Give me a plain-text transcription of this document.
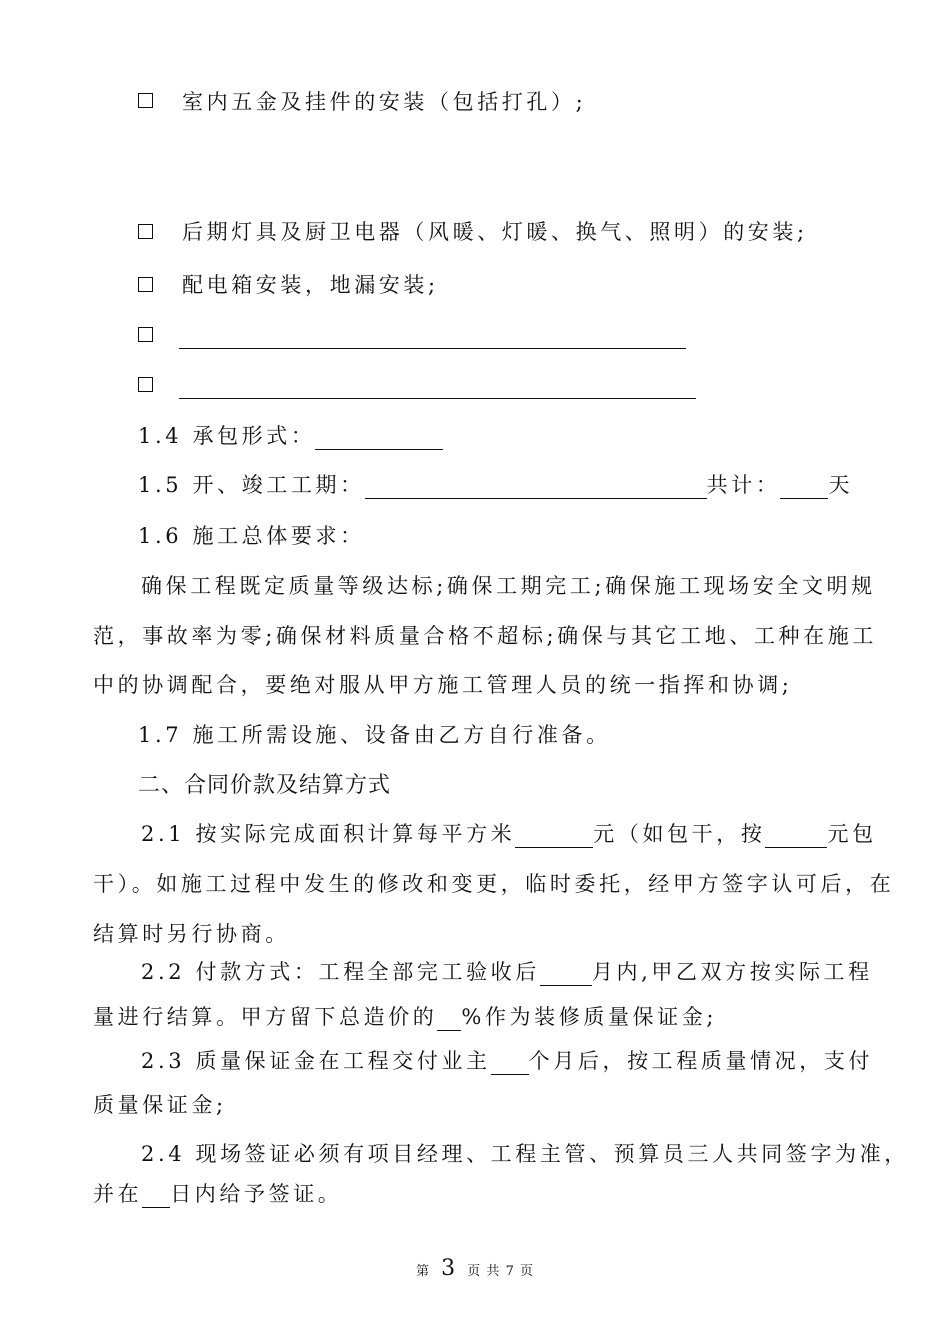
室内五金及挂件的安装（包括打孔）;
后期灯具及厨卫电器（风暖、灯暖、换气、照明）的安装;
配电箱安装，地漏安装;
1.4 承包形式：
1.5 开、竣工工期：	共计： 天
1.6 施工总体要求：
确保工程既定质量等级达标;确保工期完工;确保施工现场安全文明规
范，事故率为零;确保材料质量合格不超标;确保与其它工地、工种在施工
中的协调配合，要绝对服从甲方施工管理人员的统一指挥和协调;
1.7 施工所需设施、设备由乙方自行准备。
二、合同价款及结算方式
2.1 按实际完成面积计算每平方米	元（如包干，按	元包
干）。如施工过程中发生的修改和变更，临时委托，经甲方签字认可后，在
结算时另行协商。
2.2 付款方式：工程全部完工验收后 月内,甲乙双方按实际工程
量进行结算。甲方留下总造价的 %作为装修质量保证金;
2.3 质量保证金在工程交付业主 个月后，按工程质量情况，支付
质量保证金;
2.4 现场签证必须有项目经理、工程主管、预算员三人共同签字为准，
并在 日内给予签证。
第 3 页 共 7 页
